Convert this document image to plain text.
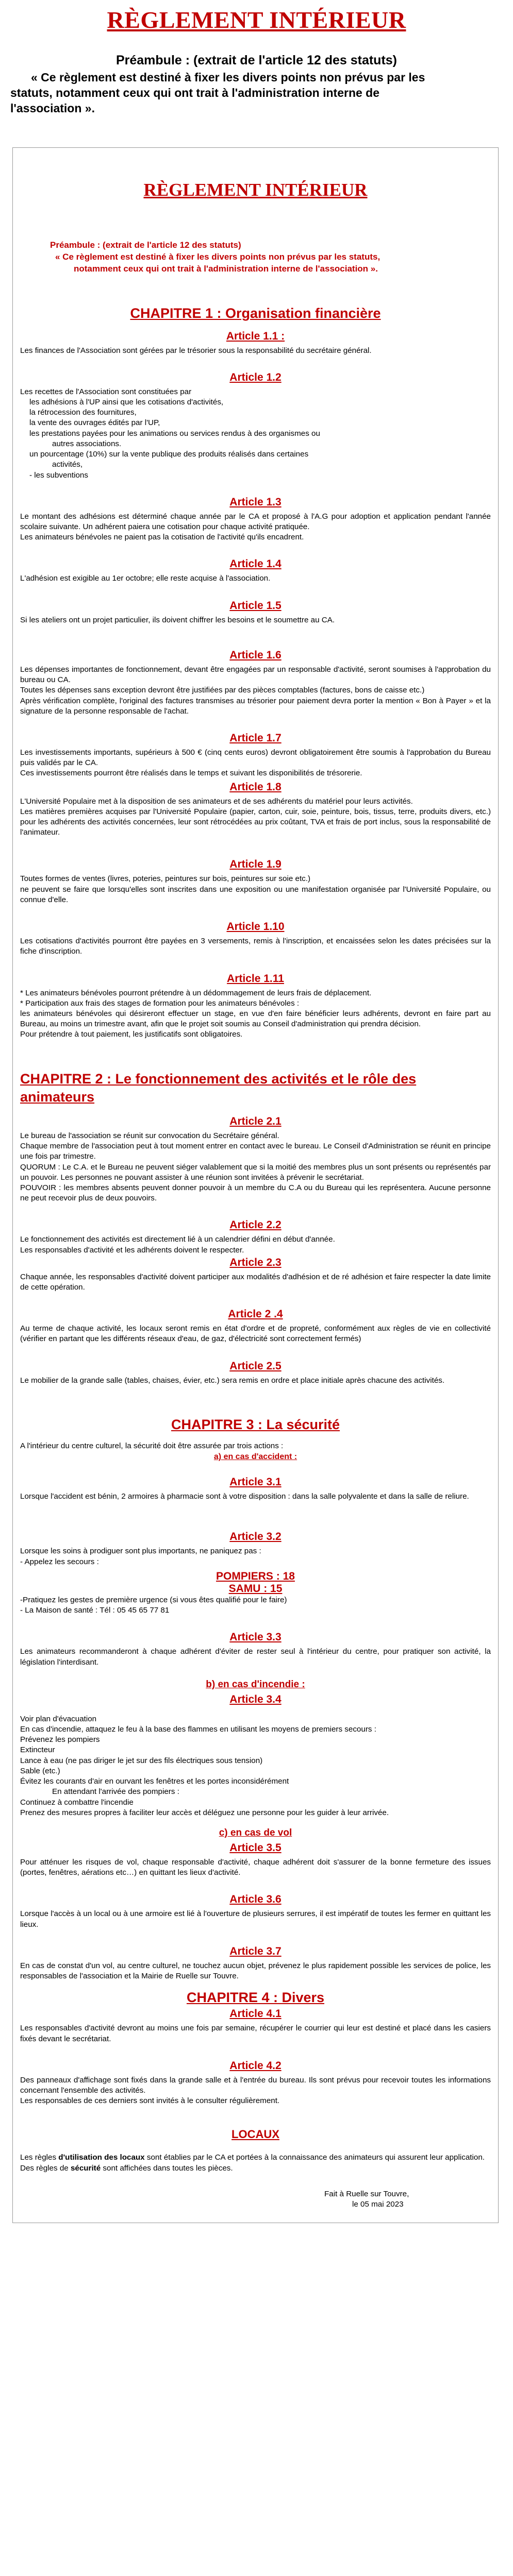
RÈGLEMENT INTÉRIEUR
Préambule : (extrait de l'article 12 des statuts)

« Ce règlement est destiné à fixer les divers points non prévus par les

statuts, notamment ceux qui ont trait à l'administration interne de

l'association ».

RÈGLEMENT INTÉRIEUR
Préambule : (extrait de l'article 12 des statuts)
« Ce règlement est destiné à fixer les divers points non prévus par les statuts,
notamment ceux qui ont trait à l'administration interne de l'association ».
CHAPITRE 1 : Organisation financière
Article 1.1 :

Les finances de l'Association sont gérées par le trésorier sous la responsabilité du secrétaire général.

Article 1.2

Les recettes de l'Association sont constituées par

les adhésions à l'UP ainsi que les cotisations d'activités,

la rétrocession des fournitures,

la vente des ouvrages édités par l'UP,

les prestations payées pour les animations ou services rendus à des organismes ou

autres associations.

un pourcentage (10%) sur la vente publique des produits réalisés dans certaines

activités,

- les subventions

Article 1.3

Le montant des adhésions est déterminé chaque année par le CA et proposé à l'A.G pour adoption et application pendant l'année scolaire suivante. Un adhérent paiera une cotisation pour chaque activité pratiquée.

Les animateurs bénévoles ne paient pas la cotisation de l'activité qu'ils encadrent.

Article 1.4

L'adhésion est exigible au 1er octobre; elle reste acquise à l'association.

Article 1.5

Si les ateliers ont un projet particulier, ils doivent chiffrer les besoins et le soumettre au CA.

Article 1.6

Les dépenses importantes de fonctionnement, devant être engagées par un responsable d'activité, seront soumises à l'approbation du bureau ou CA.

Toutes les dépenses sans exception devront être justifiées par des pièces comptables (factures, bons de caisse etc.)

Après vérification complète, l'original des factures transmises au trésorier pour paiement devra porter la mention « Bon à Payer » et la signature de la personne responsable de l'achat.

Article 1.7

Les investissements importants, supérieurs à 500 € (cinq cents euros) devront obligatoirement être soumis à l'approbation du Bureau puis validés par le CA.

Ces investissements pourront être réalisés dans le temps et suivant les disponibilités de trésorerie.

Article 1.8

L'Université Populaire met à la disposition de ses animateurs et de ses adhérents du matériel pour leurs activités.

Les matières premières acquises par l'Université Populaire (papier, carton, cuir, soie, peinture, bois, tissus, terre, produits divers, etc.) pour les adhérents des activités concernées, leur sont rétrocédées au prix coûtant, TVA et frais de port inclus, sous la responsabilité de l'animateur.

Article 1.9

Toutes formes de ventes (livres, poteries, peintures sur bois, peintures sur soie etc.)

ne peuvent se faire que lorsqu'elles sont inscrites dans une exposition ou une manifestation organisée par l'Université Populaire, ou connue d'elle.

Article 1.10

Les cotisations d'activités pourront être payées en 3 versements, remis à l'inscription, et encaissées selon les dates précisées sur la fiche d'inscription.

Article 1.11

* Les animateurs bénévoles pourront prétendre à un dédommagement de leurs frais de déplacement.

* Participation aux frais des stages de formation pour les animateurs bénévoles :

les animateurs bénévoles qui désireront effectuer un stage, en vue d'en faire bénéficier leurs adhérents, devront en faire part au Bureau, au moins un trimestre avant, afin que le projet soit soumis au Conseil d'administration qui prendra décision.

Pour prétendre à tout paiement, les justificatifs sont obligatoires.

CHAPITRE 2 : Le fonctionnement des activités et le rôle des animateurs
Article 2.1

Le bureau de l'association se réunit sur convocation du Secrétaire général.

Chaque membre de l'association peut à tout moment entrer en contact avec le bureau. Le Conseil d'Administration se réunit en principe une fois par trimestre.

QUORUM : Le C.A. et le Bureau ne peuvent siéger valablement que si la moitié des membres plus un sont présents ou représentés par un pouvoir. Les personnes ne pouvant assister à une réunion sont invitées à prévenir le secrétariat.

POUVOIR : les membres absents peuvent donner pouvoir à un membre du C.A ou du Bureau qui les représentera. Aucune personne ne peut recevoir plus de deux pouvoirs.

Article 2.2

Le fonctionnement des activités est directement lié à un calendrier défini en début d'année.

Les responsables d'activité et les adhérents doivent le respecter.

Article 2.3

Chaque année, les responsables d'activité doivent participer aux modalités d'adhésion et de ré adhésion et faire respecter la date limite de cette opération.

Article 2 .4

Au terme de chaque activité, les locaux seront remis en état d'ordre et de propreté, conformément aux règles de vie en collectivité (vérifier en partant que les différents réseaux d'eau, de gaz, d'électricité sont correctement fermés)

Article 2.5

Le mobilier de la grande salle (tables, chaises, évier, etc.) sera remis en ordre et place initiale après chacune des activités.

CHAPITRE 3 : La sécurité

A l'intérieur du centre culturel, la sécurité doit être assurée par trois actions :

a) en cas d'accident :
Article 3.1

Lorsque l'accident est bénin, 2 armoires à pharmacie sont à votre disposition : dans la salle polyvalente et dans la salle de reliure.

Article 3.2

Lorsque les soins à prodiguer sont plus importants, ne paniquez pas :

- Appelez les secours :

POMPIERS : 18

SAMU : 15

-Pratiquez les gestes de première urgence (si vous êtes qualifié pour le faire)

- La Maison de santé : Tél : 05 45 65 77 81

Article 3.3

Les animateurs recommanderont à chaque adhérent d'éviter de rester seul à l'intérieur du centre, pour pratiquer son activité, la législation l'interdisant.

b) en cas d'incendie :
Article 3.4

Voir plan d'évacuation

En cas d'incendie, attaquez le feu à la base des flammes en utilisant les moyens de premiers secours :

Prévenez les pompiers

Extincteur

Lance à eau (ne pas diriger le jet sur des fils électriques sous tension)

Sable (etc.)

Évitez les courants d'air en ourvant les fenêtres et les portes inconsidérément

En attendant l'arrivée des pompiers :

Continuez à combattre l'incendie

Prenez des mesures propres à faciliter leur accès et déléguez une personne pour les guider à leur arrivée.

c) en cas de vol
Article 3.5

Pour atténuer les risques de vol, chaque responsable d'activité, chaque adhérent doit s'assurer de la bonne fermeture des issues (portes, fenêtres, aérations etc…) en quittant les lieux d'activité.

Article 3.6

Lorsque l'accès à un local ou à une armoire est lié à l'ouverture de plusieurs serrures, il est impératif de toutes les fermer en quittant les lieux.

Article 3.7

En cas de constat d'un vol, au centre culturel, ne touchez aucun objet, prévenez le plus rapidement possible les services de police, les responsables de l'association et la Mairie de Ruelle sur Touvre.

CHAPITRE 4 : Divers
Article 4.1

Les responsables d'activité devront au moins une fois par semaine, récupérer le courrier qui leur est destiné et placé dans les casiers fixés devant le secrétariat.

Article 4.2

Des panneaux d'affichage sont fixés dans la grande salle et à l'entrée du bureau. Ils sont prévus pour recevoir toutes les informations concernant l'ensemble des activités.

Les responsables de ces derniers sont invités à le consulter régulièrement.

LOCAUX

Les règles d'utilisation des locaux sont établies par le CA et portées à la connaissance des animateurs qui assurent leur application.

Des règles de sécurité sont affichées dans toutes les pièces.

Fait à Ruelle sur Touvre,

le 05 mai 2023
